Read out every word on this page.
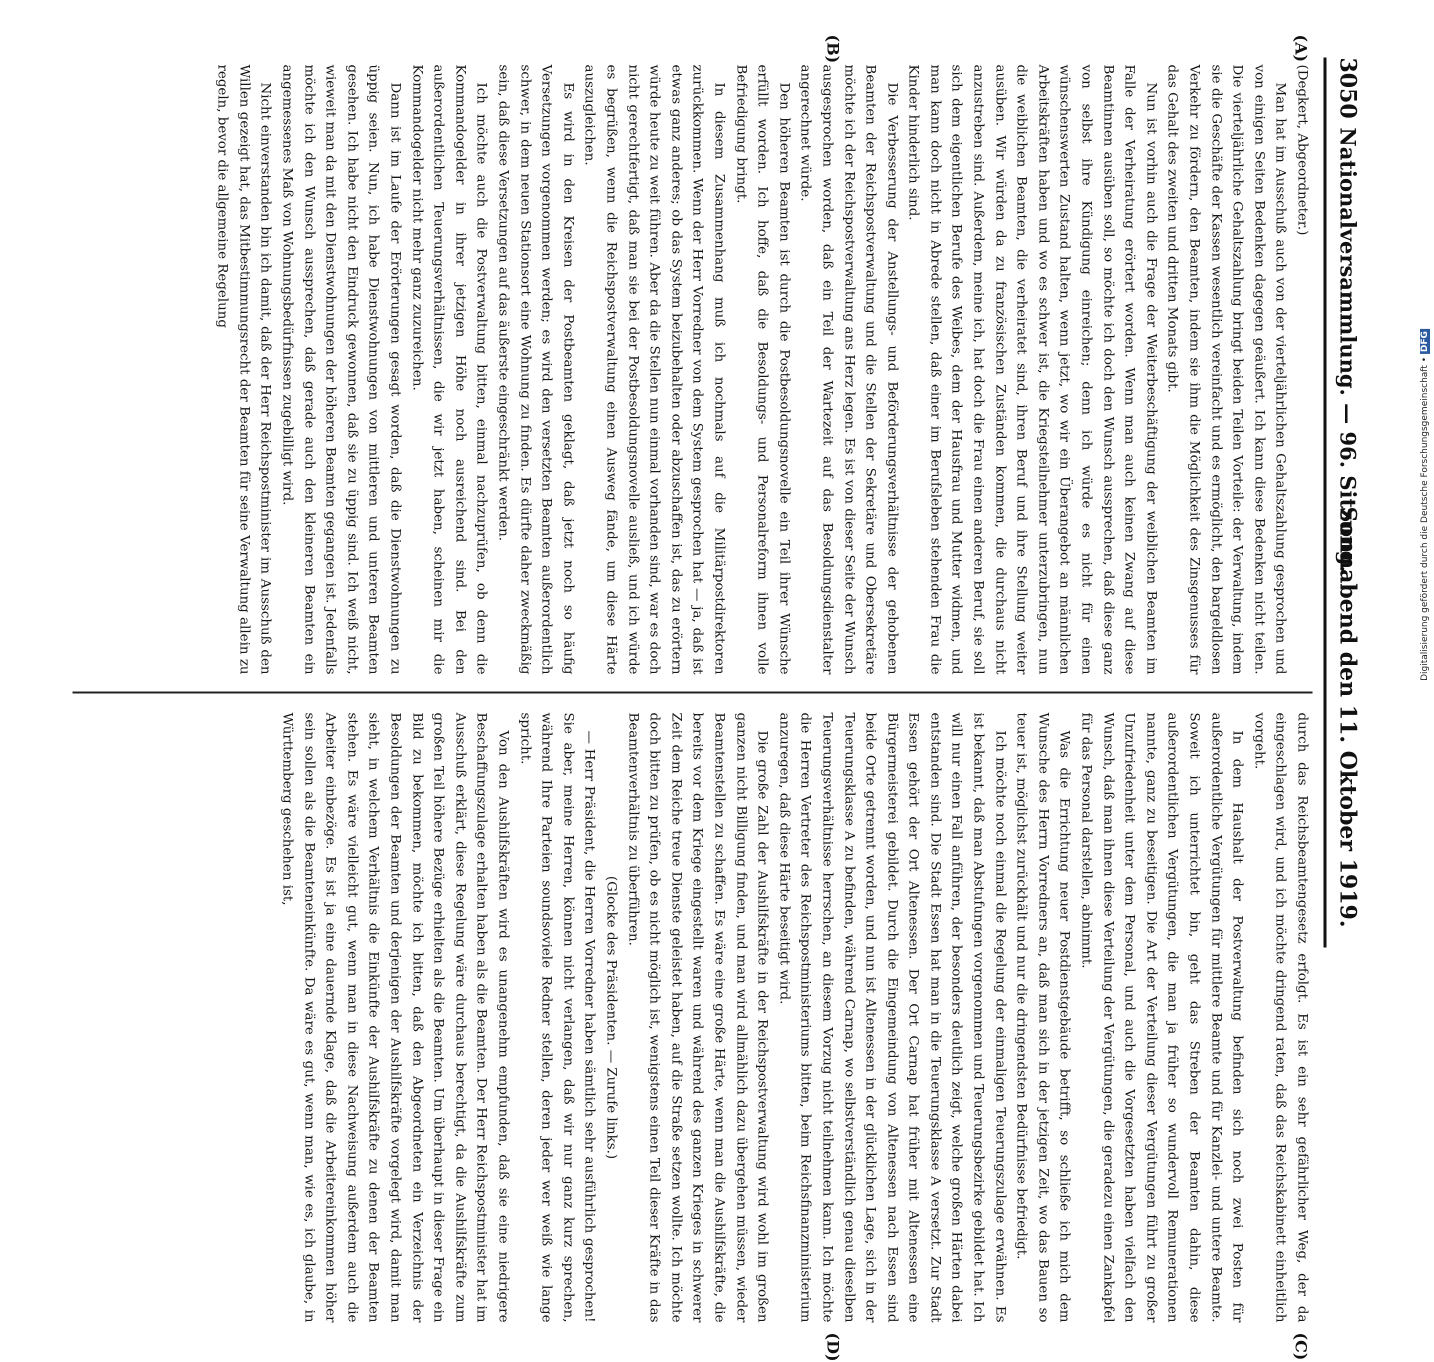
3050
Nationalversammlung. — 96. Sitzung.
Sonnabend den 11. Oktober 1919.
(A)
(B)
(C)
(D)

(Degkert, Abgeordneter.)

Man hat im Ausschuß auch von der vierteljährlichen Gehaltszahlung gesprochen und von einigen Seiten Bedenken dagegen geäußert. Ich kann diese Bedenken nicht teilen. Die vierteljährliche Gehaltszahlung bringt beiden Teilen Vorteile: der Verwaltung, indem sie die Geschäfte der Kassen wesentlich vereinfacht und es ermöglicht, den bargeldlosen Verkehr zu fördern, den Beamten, indem sie ihm die Möglichkeit des Zinsgenusses für das Gehalt des zweiten und dritten Monats gibt.

Nun ist vorhin auch die Frage der Weiterbeschäftigung der weiblichen Beamten im Falle der Verheiratung erörtert worden. Wenn man auch keinen Zwang auf diese Beamtinnen ausüben soll, so möchte ich doch den Wunsch aussprechen, daß diese ganz von selbst ihre Kündigung einreichen; denn ich würde es nicht für einen wünschenswerten Zustand halten, wenn jetzt, wo wir ein Überangebot an männlichen Arbeitskräften haben und wo es schwer ist, die Kriegsteilnehmer unterzubringen, nun die weiblichen Beamten, die verheiratet sind, ihren Beruf und ihre Stellung weiter ausüben. Wir würden da zu französischen Zuständen kommen, die durchaus nicht anzustreben sind. Außerdem, meine ich, hat doch die Frau einen anderen Beruf, sie soll sich dem eigentlichen Berufe des Weibes, dem der Hausfrau und Mutter widmen, und man kann doch nicht in Abrede stellen, daß einer im Berufsleben stehenden Frau die Kinder hinderlich sind.

Die Verbesserung der Anstellungs- und Beförderungsverhältnisse der gehobenen Beamten der Reichspostverwaltung und die Stellen der Sekretäre und Obersekretäre möchte ich der Reichspostverwaltung ans Herz legen. Es ist von dieser Seite der Wunsch ausgesprochen worden, daß ein Teil der Wartezeit auf das Besoldungsdienstalter angerechnet würde.

Den höheren Beamten ist durch die Postbesoldungsnovelle ein Teil ihrer Wünsche erfüllt worden. Ich hoffe, daß die Besoldungs- und Personalreform ihnen volle Befriedigung bringt.

In diesem Zusammenhang muß ich nochmals auf die Militärpostdirektoren zurückkommen. Wenn der Herr Vorredner von dem System gesprochen hat — ja, daß ist etwas ganz anderes; ob das System beizubehalten oder abzuschaffen ist, das zu erörtern würde heute zu weit führen. Aber da die Stellen nun einmal vorhanden sind, war es doch nicht gerechtfertigt, daß man sie bei der Postbesoldungsnovelle ausließ, und ich würde es begrüßen, wenn die Reichspostverwaltung einen Ausweg fände, um diese Härte auszugleichen.

Es wird in den Kreisen der Postbeamten geklagt, daß jetzt noch so häufig Versetzungen vorgenommen werden; es wird den versetzten Beamten außerordentlich schwer, in dem neuen Stationsort eine Wohnung zu finden. Es dürfte daher zweckmäßig sein, daß diese Versetzungen auf das äußerste eingeschränkt werden.

Ich möchte auch die Postverwaltung bitten, einmal nachzuprüfen, ob denn die Kommandogelder in ihrer jetzigen Höhe noch ausreichend sind. Bei den außerordentlichen Teuerungsverhältnissen, die wir jetzt haben, scheinen mir die Kommandogelder nicht mehr ganz zuzureichen.

Dann ist im Laufe der Erörterungen gesagt worden, daß die Dienstwohnungen zu üppig seien. Nun, ich habe Dienstwohnungen von mittleren und unteren Beamten gesehen. Ich habe nicht den Eindruck gewonnen, daß sie zu üppig sind. Ich weiß nicht, wieweit man da mit den Dienstwohnungen der höheren Beamten gegangen ist. Jedenfalls möchte ich den Wunsch aussprechen, daß gerade auch den kleineren Beamten ein angemessenes Maß von Wohnungsbedürfnissen zugebilligt wird.

Nicht einverstanden bin ich damit, daß der Herr Reichspostminister im Ausschuß den Willen gezeigt hat, das Mitbestimmungsrecht der Beamten für seine Verwaltung allein zu regeln, bevor die allgemeine Regelung

durch das Reichsbeamtengesetz erfolgt. Es ist ein sehr gefährlicher Weg, der da eingeschlagen wird, und ich möchte dringend raten, daß das Reichskabinett einheitlich vorgeht.

In dem Haushalt der Postverwaltung befinden sich noch zwei Posten für außerordentliche Vergütungen für mittlere Beamte und für Kanzlei- und untere Beamte. Soweit ich unterrichtet bin, geht das Streben der Beamten dahin, diese außerordentlichen Vergütungen, die man ja früher so wundervoll Remunerationen nannte, ganz zu beseitigen. Die Art der Verteilung dieser Vergütungen führt zu großer Unzufriedenheit unter dem Personal, und auch die Vorgesetzten haben vielfach den Wunsch, daß man ihnen diese Verteilung der Vergütungen, die geradezu einen Zankapfel für das Personal darstellen, abnimmt.

Was die Errichtung neuer Postdienstgebäude betrifft, so schließe ich mich dem Wunsche des Herrn Vorredners an, daß man sich in der jetzigen Zeit, wo das Bauen so teuer ist, möglichst zurückhält und nur die dringendsten Bedürfnisse befriedigt.

Ich möchte noch einmal die Regelung der einmaligen Teuerungszulage erwähnen. Es ist bekannt, daß man Abstufungen vorgenommen und Teuerungsbezirke gebildet hat. Ich will nur einen Fall anführen, der besonders deutlich zeigt, welche großen Härten dabei entstanden sind. Die Stadt Essen hat man in die Teuerungsklasse A versetzt. Zur Stadt Essen gehört der Ort Altenessen. Der Ort Carnap hat früher mit Altenessen eine Bürgermeisterei gebildet. Durch die Eingemeindung von Altenessen nach Essen sind beide Orte getrennt worden, und nun ist Altenessen in der glücklichen Lage, sich in der Teuerungsklasse A zu befinden, während Carnap, wo selbstverständlich genau dieselben Teuerungsverhältnisse herrschen, an diesem Vorzug nicht teilnehmen kann. Ich möchte die Herren Vertreter des Reichspostministeriums bitten, beim Reichsfinanzministerium anzuregen, daß diese Härte beseitigt wird.

Die große Zahl der Aushilfskräfte in der Reichspostverwaltung wird wohl im großen ganzen nicht Billigung finden, und man wird allmählich dazu übergehen müssen, wieder Beamtenstellen zu schaffen. Es wäre eine große Härte, wenn man die Aushilfskräfte, die bereits vor dem Kriege eingestellt waren und während des ganzen Krieges in schwerer Zeit dem Reiche treue Dienste geleistet haben, auf die Straße setzen wollte. Ich möchte doch bitten zu prüfen, ob es nicht möglich ist, wenigstens einen Teil dieser Kräfte in das Beamtenverhältnis zu überführen.

(Glocke des Präsidenten. — Zurufe links.)

— Herr Präsident, die Herren Vorredner haben sämtlich sehr ausführlich gesprochen! Sie aber, meine Herren, können nicht verlangen, daß wir nur ganz kurz sprechen, während Ihre Parteien soundsoviele Redner stellen, deren jeder wer weiß wie lange spricht.

Von den Aushilfskräften wird es unangenehm empfunden, daß sie eine niedrigere Beschaffungszulage erhalten haben als die Beamten. Der Herr Reichspostminister hat im Ausschuß erklärt, diese Regelung wäre durchaus berechtigt, da die Aushilfskräfte zum großen Teil höhere Bezüge erhielten als die Beamten. Um überhaupt in dieser Frage ein Bild zu bekommen, möchte ich bitten, daß den Abgeordneten ein Verzeichnis der Besoldungen der Beamten und derjenigen der Aushilfskräfte vorgelegt wird, damit man sieht, in welchem Verhältnis die Einkünfte der Aushilfskräfte zu denen der Beamten stehen. Es wäre vielleicht gut, wenn man in diese Nachweisung außerdem auch die Arbeiter einbezöge. Es ist ja eine dauernde Klage, daß die Arbeitereinkommen höher sein sollen als die Beamteneinkünfte. Da wäre es gut, wenn man, wie es, ich glaube, in Württemberg geschehen ist,

Digitalisierung gefördert durch die Deutsche Forschungsgemeinschaft • DFG
